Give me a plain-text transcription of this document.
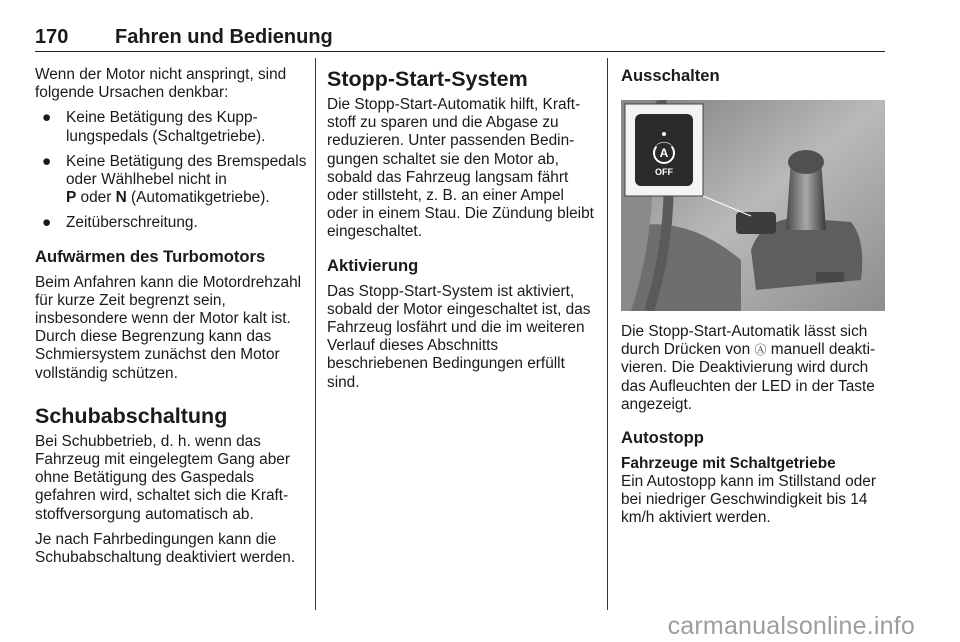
170 Fahren und Bedienung

Wenn der Motor nicht anspringt, sind folgende Ursachen denkbar:

● Keine Betätigung des Kupplungspedals (Schaltgetriebe).
● Keine Betätigung des Bremspedals oder Wählhebel nicht in
P oder N (Automatikgetriebe).
● Zeitüberschreitung.
Aufwärmen des Turbomotors

Beim Anfahren kann die Motordrehzahl für kurze Zeit begrenzt sein, insbesondere wenn der Motor kalt ist. Durch diese Begrenzung kann das Schmiersystem zunächst den Motor vollständig schützen.

Schubabschaltung

Bei Schubbetrieb, d. h. wenn das Fahrzeug mit eingelegtem Gang aber ohne Betätigung des Gaspedals gefahren wird, schaltet sich die Kraftstoffversorgung automatisch ab.

Je nach Fahrbedingungen kann die Schubabschaltung deaktiviert werden.

Stopp-Start-System

Die Stopp-Start-Automatik hilft, Kraftstoff zu sparen und die Abgase zu reduzieren. Unter passenden Bedingungen schaltet sie den Motor ab, sobald das Fahrzeug langsam fährt oder stillsteht, z. B. an einer Ampel oder in einem Stau. Die Zündung bleibt eingeschaltet.

Aktivierung

Das Stopp-Start-System ist aktiviert, sobald der Motor eingeschaltet ist, das Fahrzeug losfährt und die im weiteren Verlauf dieses Abschnitts beschriebenen Bedingungen erfüllt sind.

Ausschalten
A
OFF

Die Stopp-Start-Automatik lässt sich durch Drücken von Ⓐ manuell deaktivieren. Die Deaktivierung wird durch das Aufleuchten der LED in der Taste angezeigt.

Autostopp
Fahrzeuge mit Schaltgetriebe

Ein Autostopp kann im Stillstand oder bei niedriger Geschwindigkeit bis 14 km/h aktiviert werden.

carmanualsonline.info
